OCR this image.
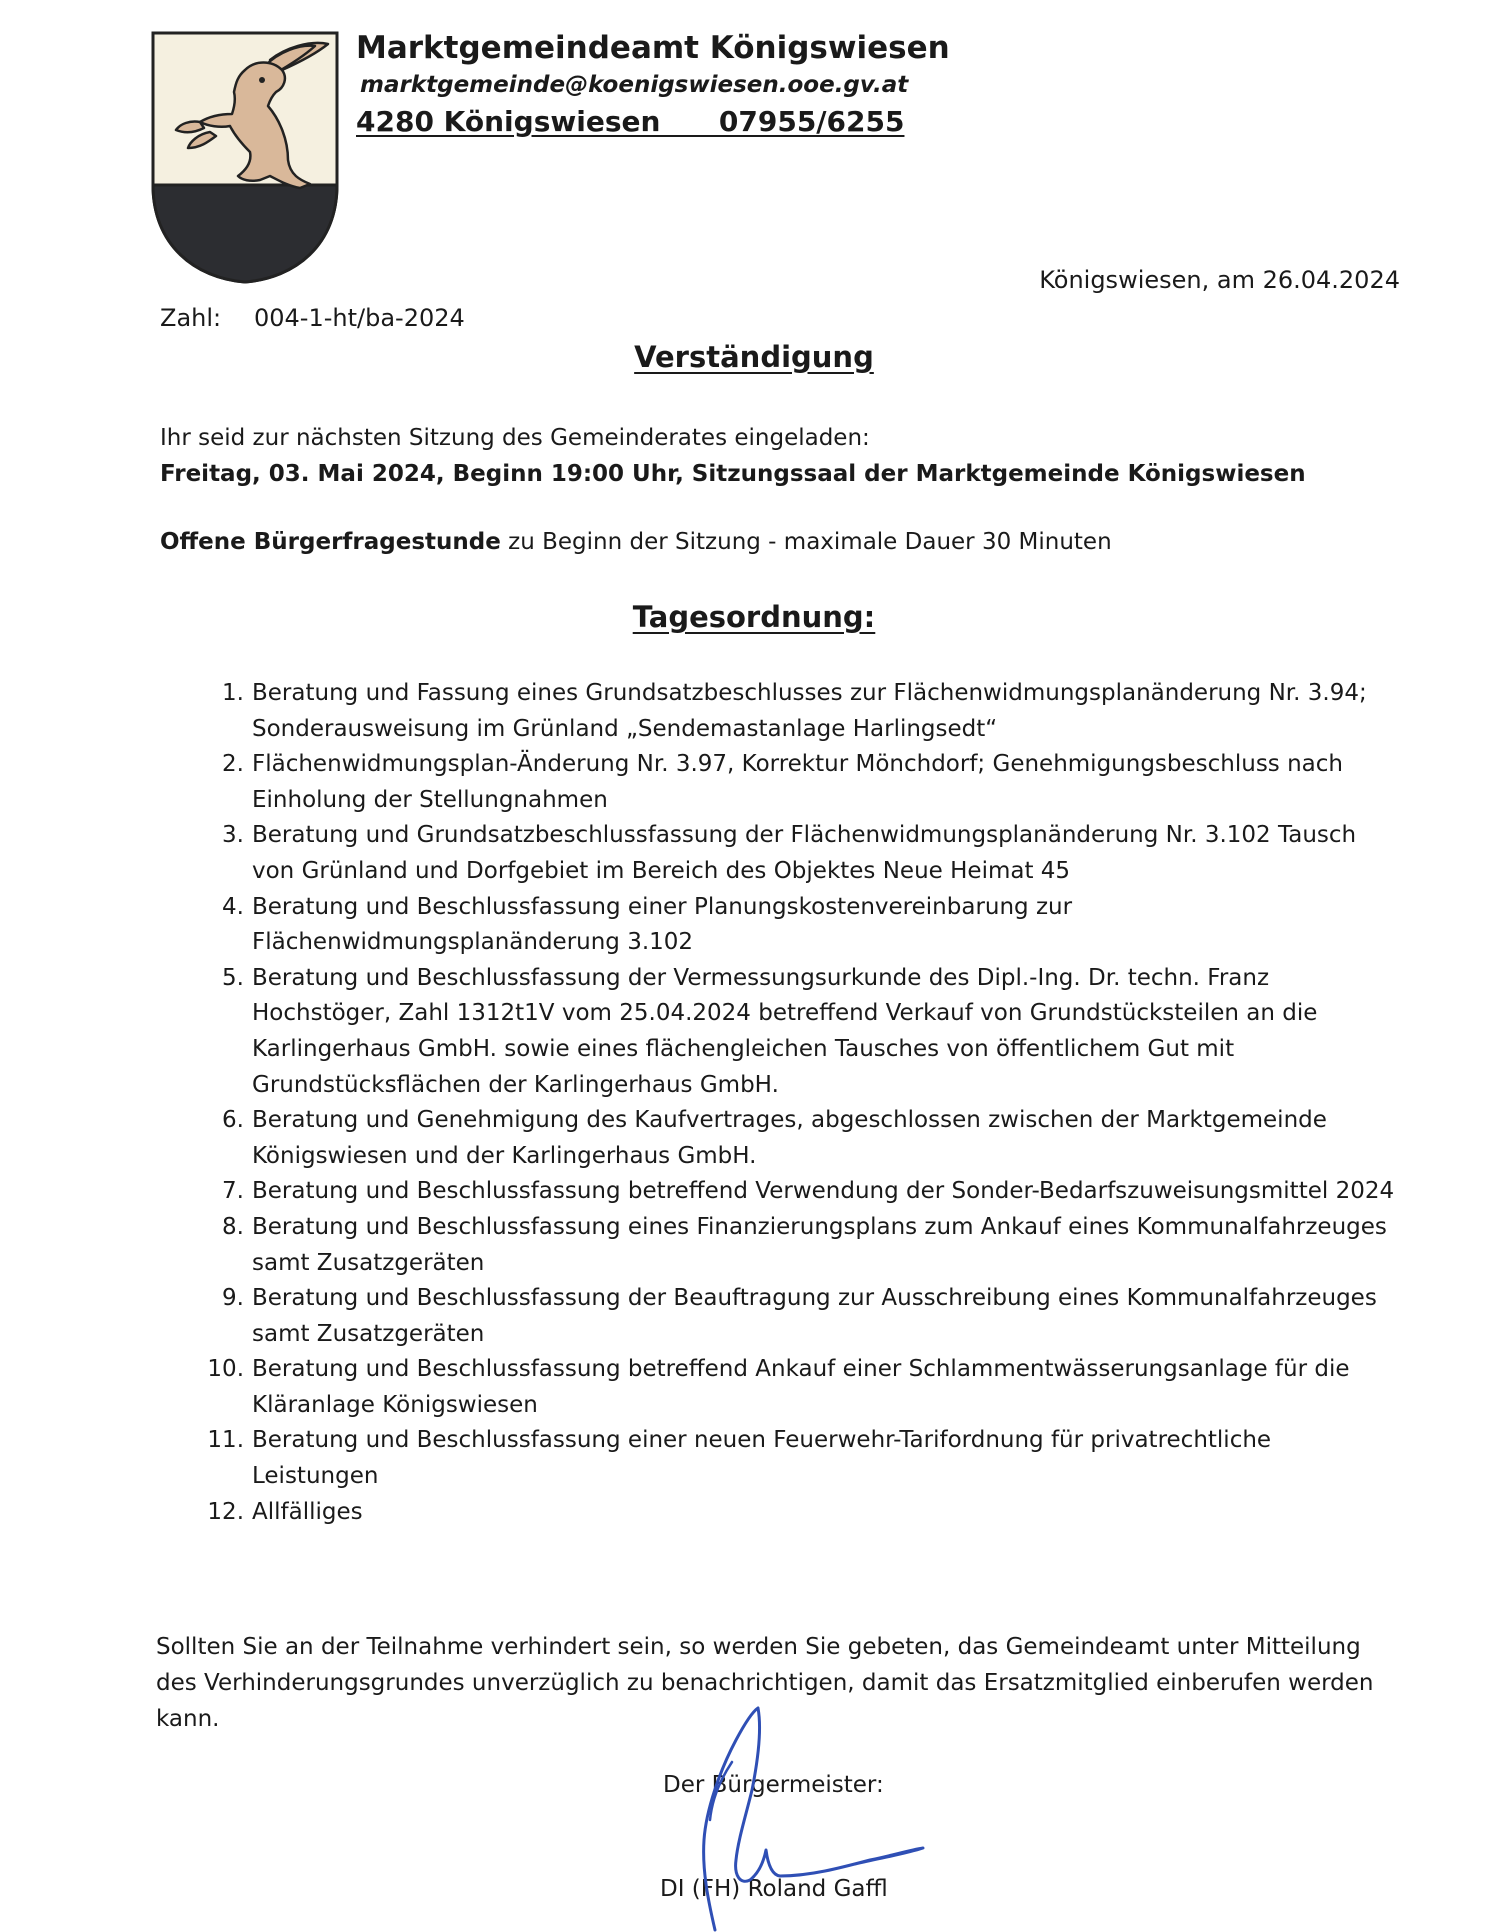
Marktgemeindeamt Königswiesen
marktgemeinde@koenigswiesen.ooe.gv.at
4280 Königswiesen      07955/6255
Königswiesen, am 26.04.2024
Zahl: 004-1-ht/ba-2024
Verständigung
Ihr seid zur nächsten Sitzung des Gemeinderates eingeladen:
Freitag, 03. Mai 2024, Beginn 19:00 Uhr, Sitzungssaal der Marktgemeinde Königswiesen
Offene Bürgerfragestunde zu Beginn der Sitzung - maximale Dauer 30 Minuten
Tagesordnung:
1. Beratung und Fassung eines Grundsatzbeschlusses zur Flächenwidmungsplanänderung Nr. 3.94; Sonderausweisung im Grünland „Sendemastanlage Harlingsedt“
2. Flächenwidmungsplan-Änderung Nr. 3.97, Korrektur Mönchdorf; Genehmigungsbeschluss nach Einholung der Stellungnahmen
3. Beratung und Grundsatzbeschlussfassung der Flächenwidmungsplanänderung Nr. 3.102 Tausch von Grünland und Dorfgebiet im Bereich des Objektes Neue Heimat 45
4. Beratung und Beschlussfassung einer Planungskostenvereinbarung zur Flächenwidmungsplanänderung 3.102
5. Beratung und Beschlussfassung der Vermessungsurkunde des Dipl.-Ing. Dr. techn. Franz Hochstöger, Zahl 1312t1V vom 25.04.2024 betreffend Verkauf von Grundstücksteilen an die Karlingerhaus GmbH. sowie eines flächengleichen Tausches von öffentlichem Gut mit Grundstücksflächen der Karlingerhaus GmbH.
6. Beratung und Genehmigung des Kaufvertrages, abgeschlossen zwischen der Marktgemeinde Königswiesen und der Karlingerhaus GmbH.
7. Beratung und Beschlussfassung betreffend Verwendung der Sonder-Bedarfszuweisungsmittel 2024
8. Beratung und Beschlussfassung eines Finanzierungsplans zum Ankauf eines Kommunalfahrzeuges samt Zusatzgeräten
9. Beratung und Beschlussfassung der Beauftragung zur Ausschreibung eines Kommunalfahrzeuges samt Zusatzgeräten
10. Beratung und Beschlussfassung betreffend Ankauf einer Schlammentwässerungsanlage für die Kläranlage Königswiesen
11. Beratung und Beschlussfassung einer neuen Feuerwehr-Tarifordnung für privatrechtliche Leistungen
12. Allfälliges
Sollten Sie an der Teilnahme verhindert sein, so werden Sie gebeten, das Gemeindeamt unter Mitteilung des Verhinderungsgrundes unverzüglich zu benachrichtigen, damit das Ersatzmitglied einberufen werden kann.
Der Bürgermeister:
DI (FH) Roland Gaffl
